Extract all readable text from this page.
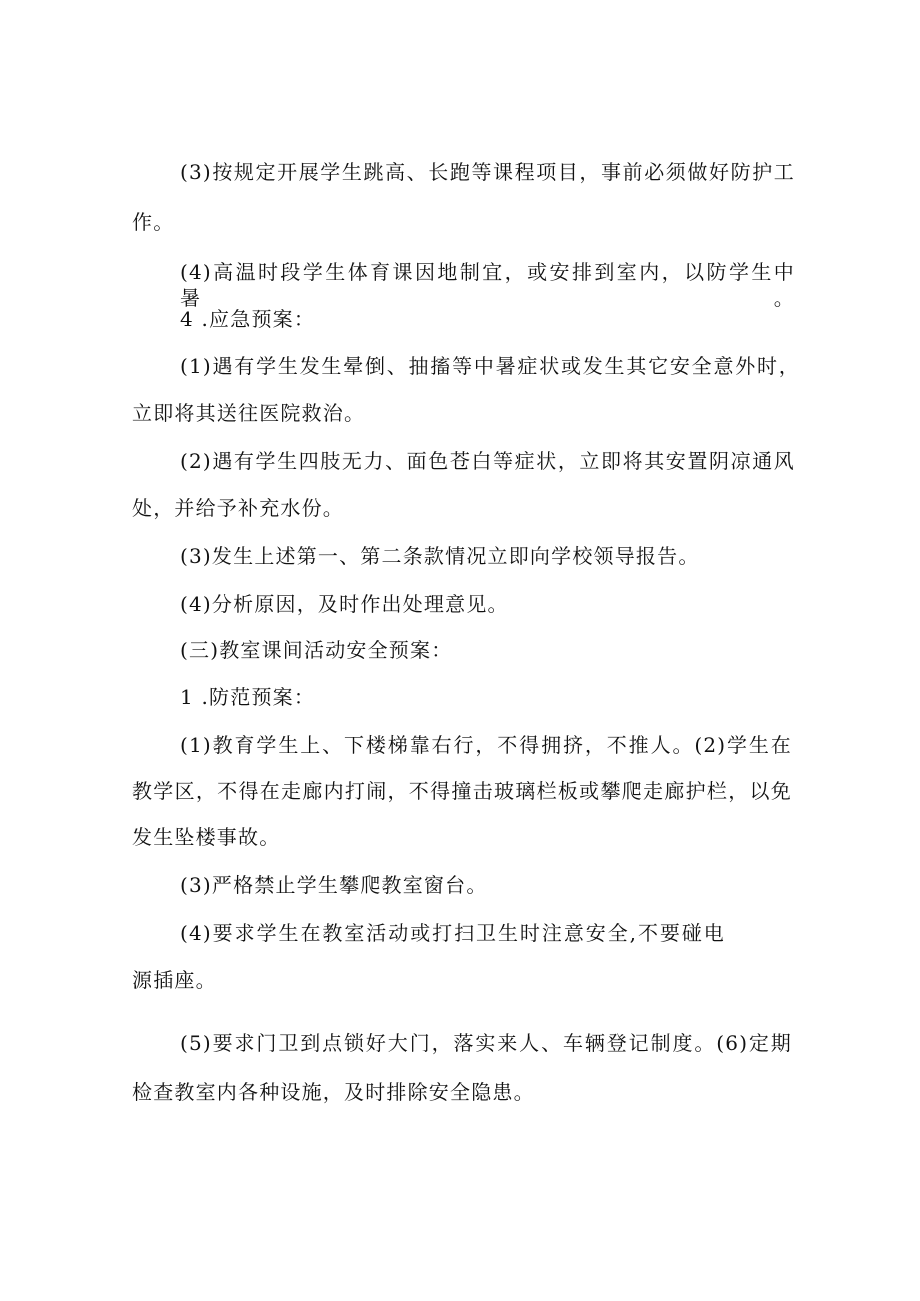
(3)按规定开展学生跳高、长跑等课程项目，事前必须做好防护工

作。

(4)高温时段学生体育课因地制宜，或安排到室内，以防学生中暑。

4 .应急预案：

(1)遇有学生发生晕倒、抽搐等中暑症状或发生其它安全意外时，

立即将其送往医院救治。

(2)遇有学生四肢无力、面色苍白等症状，立即将其安置阴凉通风

处，并给予补充水份。

(3)发生上述第一、第二条款情况立即向学校领导报告。

(4)分析原因，及时作出处理意见。

(三)教室课间活动安全预案：

1 .防范预案：

(1)教育学生上、下楼梯靠右行，不得拥挤，不推人。(2)学生在

教学区，不得在走廊内打闹，不得撞击玻璃栏板或攀爬走廊护栏，以免

发生坠楼事故。

(3)严格禁止学生攀爬教室窗台。

(4)要求学生在教室活动或打扫卫生时注意安全,不要碰电

源插座。

(5)要求门卫到点锁好大门，落实来人、车辆登记制度。(6)定期

检查教室内各种设施，及时排除安全隐患。
